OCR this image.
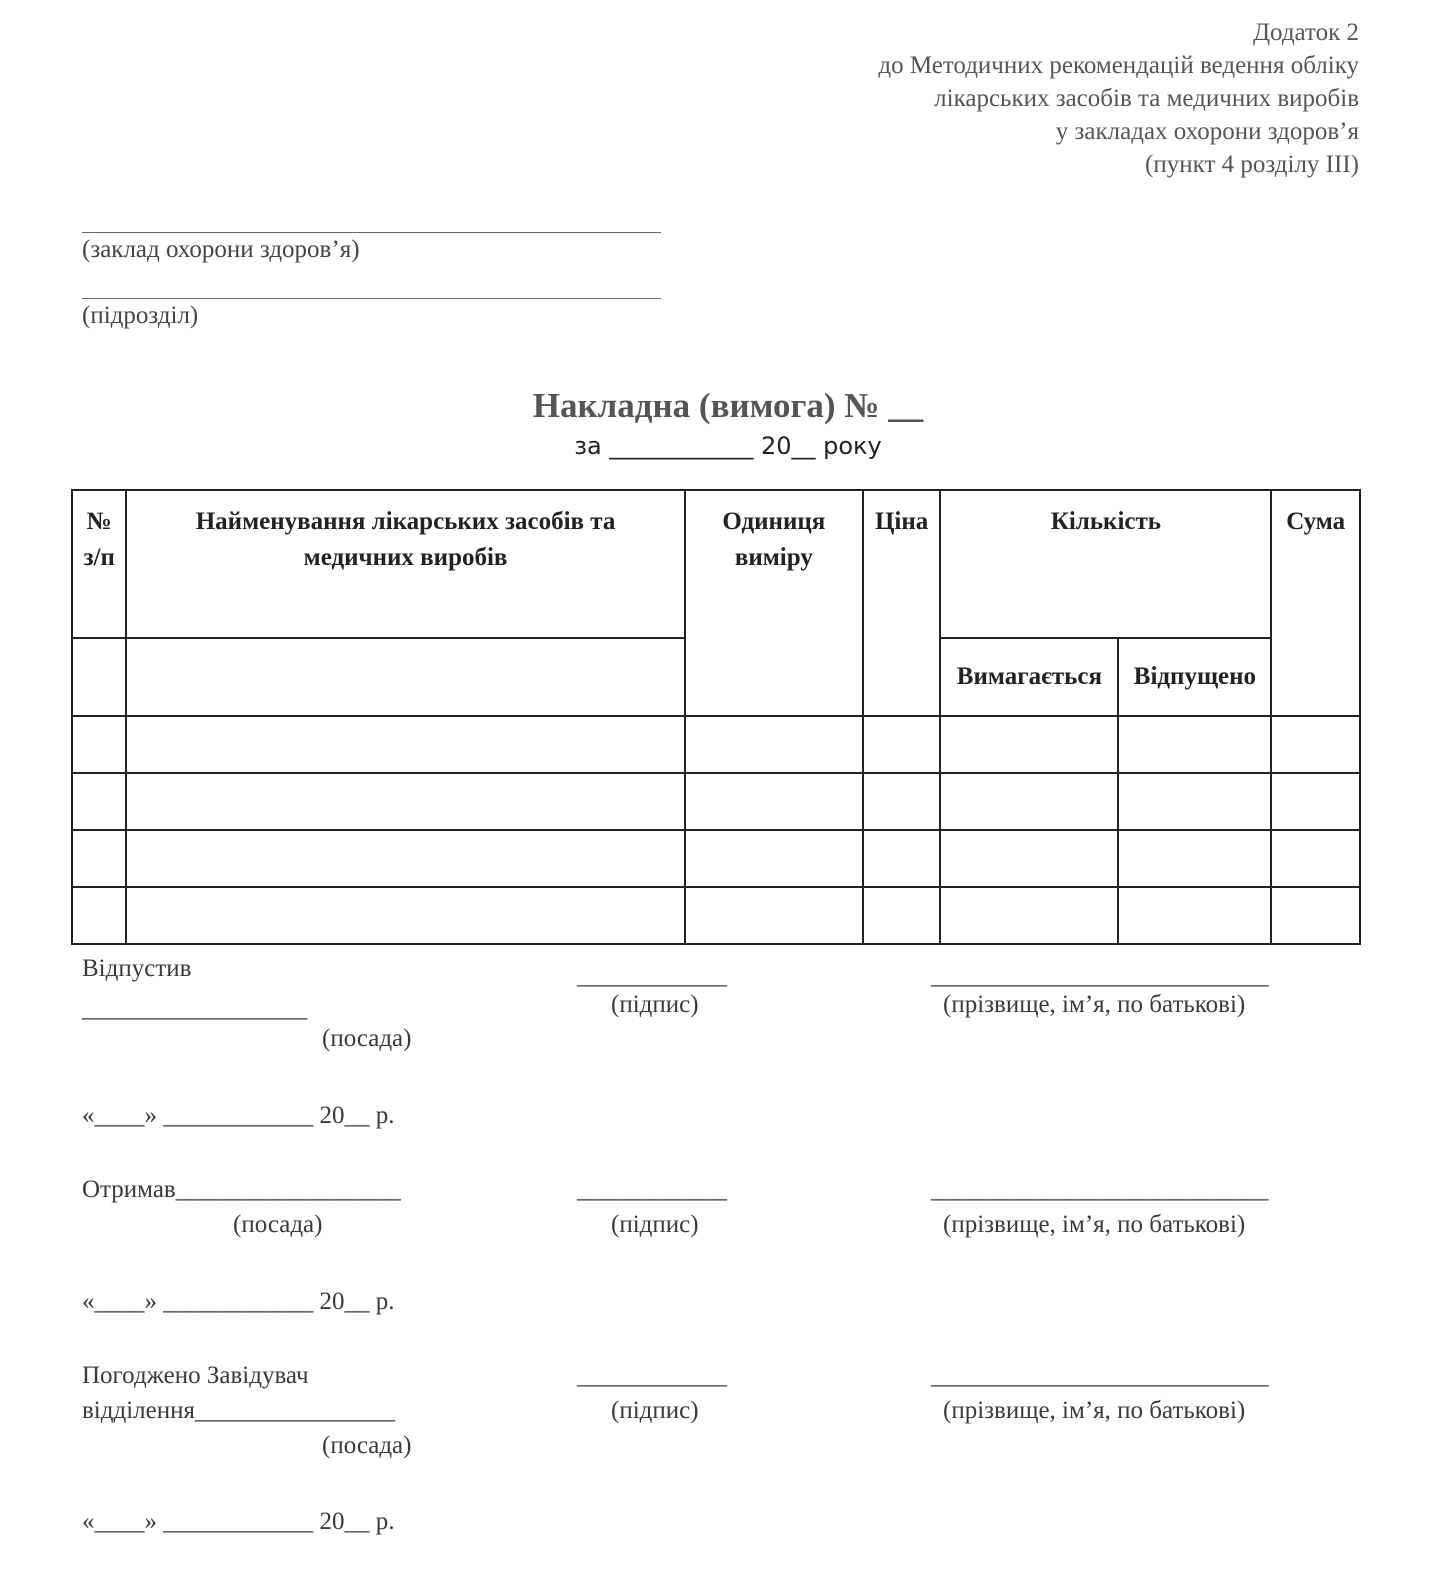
Додаток 2
до Методичних рекомендацій ведення обліку
лікарських засобів та медичних виробів
у закладах охорони здоров’я
(пункт 4 розділу III)
(заклад охорони здоров’я)
(підрозділ)
Накладна (вимога) № __
за ____________ 20__ року
№ з/п	Найменування лікарських засобів та медичних виробів	Одиниця виміру	Ціна	Кількість		Сума
				Вимагається	Відпущено	

Відпустив
__________________
(посада)
____________
(підпис)
___________________________
(прізвище, ім’я, по батькові)
«____» ____________ 20__ р.
Отримав__________________
(посада)
____________
(підпис)
___________________________
(прізвище, ім’я, по батькові)
«____» ____________ 20__ р.
Погоджено Завідувач
відділення________________
(посада)
____________
(підпис)
___________________________
(прізвище, ім’я, по батькові)
«____» ____________ 20__ р.
